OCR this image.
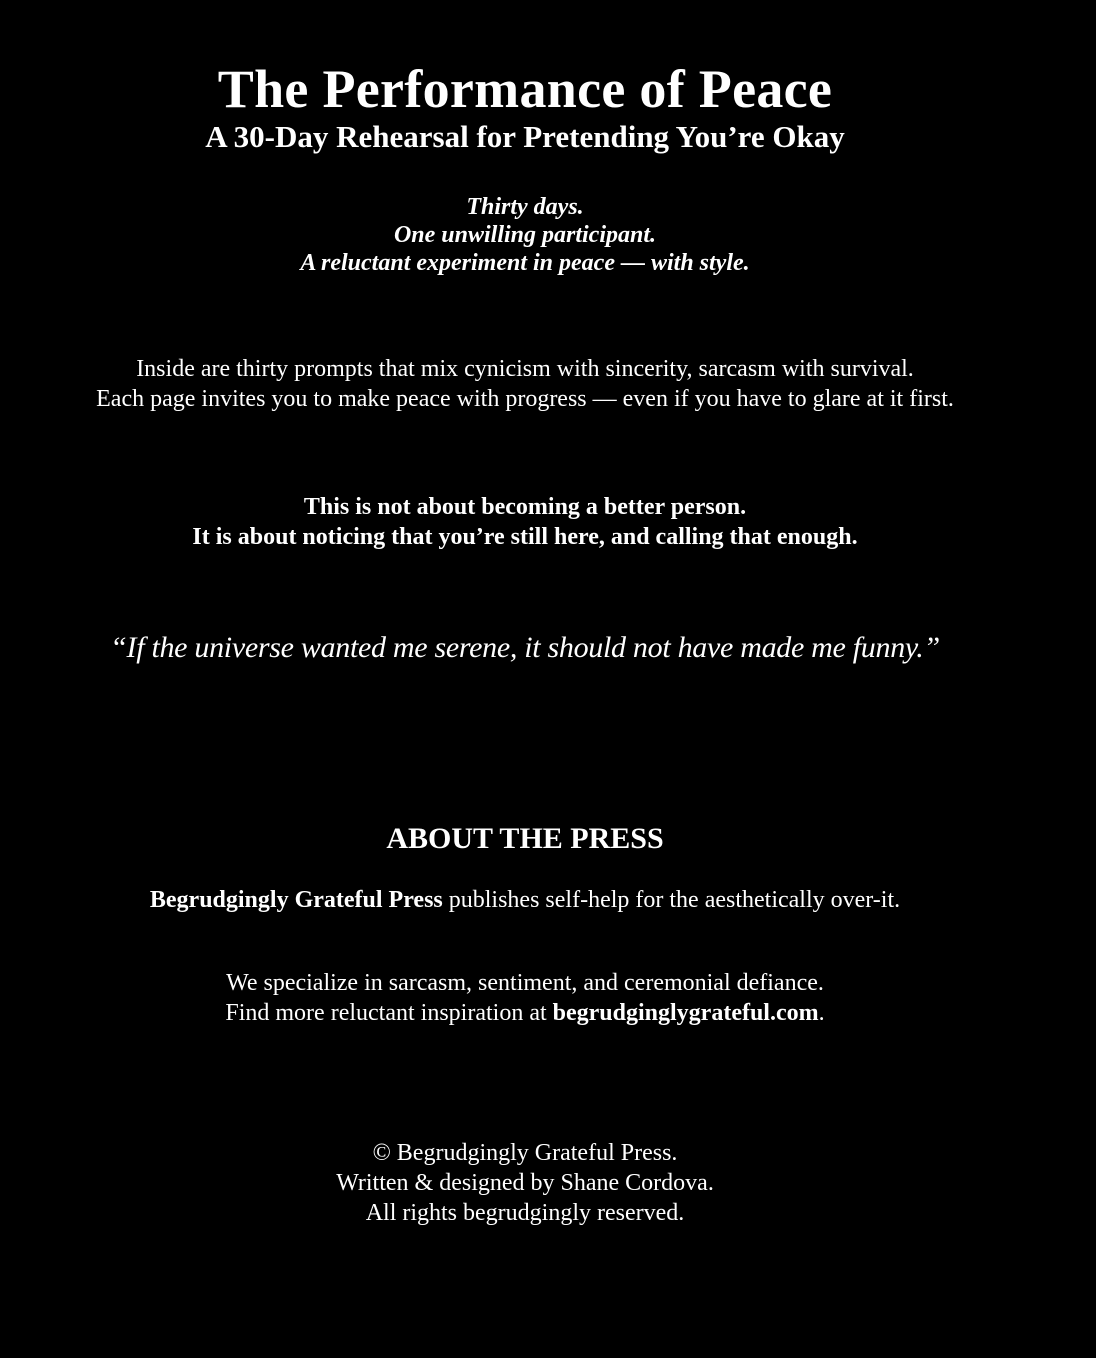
The Performance of Peace
A 30-Day Rehearsal for Pretending You’re Okay
Thirty days.
One unwilling participant.
A reluctant experiment in peace — with style.
Inside are thirty prompts that mix cynicism with sincerity, sarcasm with survival.
Each page invites you to make peace with progress — even if you have to glare at it first.
This is not about becoming a better person.
It is about noticing that you’re still here, and calling that enough.
“If the universe wanted me serene, it should not have made me funny.”
ABOUT THE PRESS
Begrudgingly Grateful Press publishes self-help for the aesthetically over-it.
We specialize in sarcasm, sentiment, and ceremonial defiance.
Find more reluctant inspiration at begrudginglygrateful.com.
© Begrudgingly Grateful Press.
Written & designed by Shane Cordova.
All rights begrudgingly reserved.
